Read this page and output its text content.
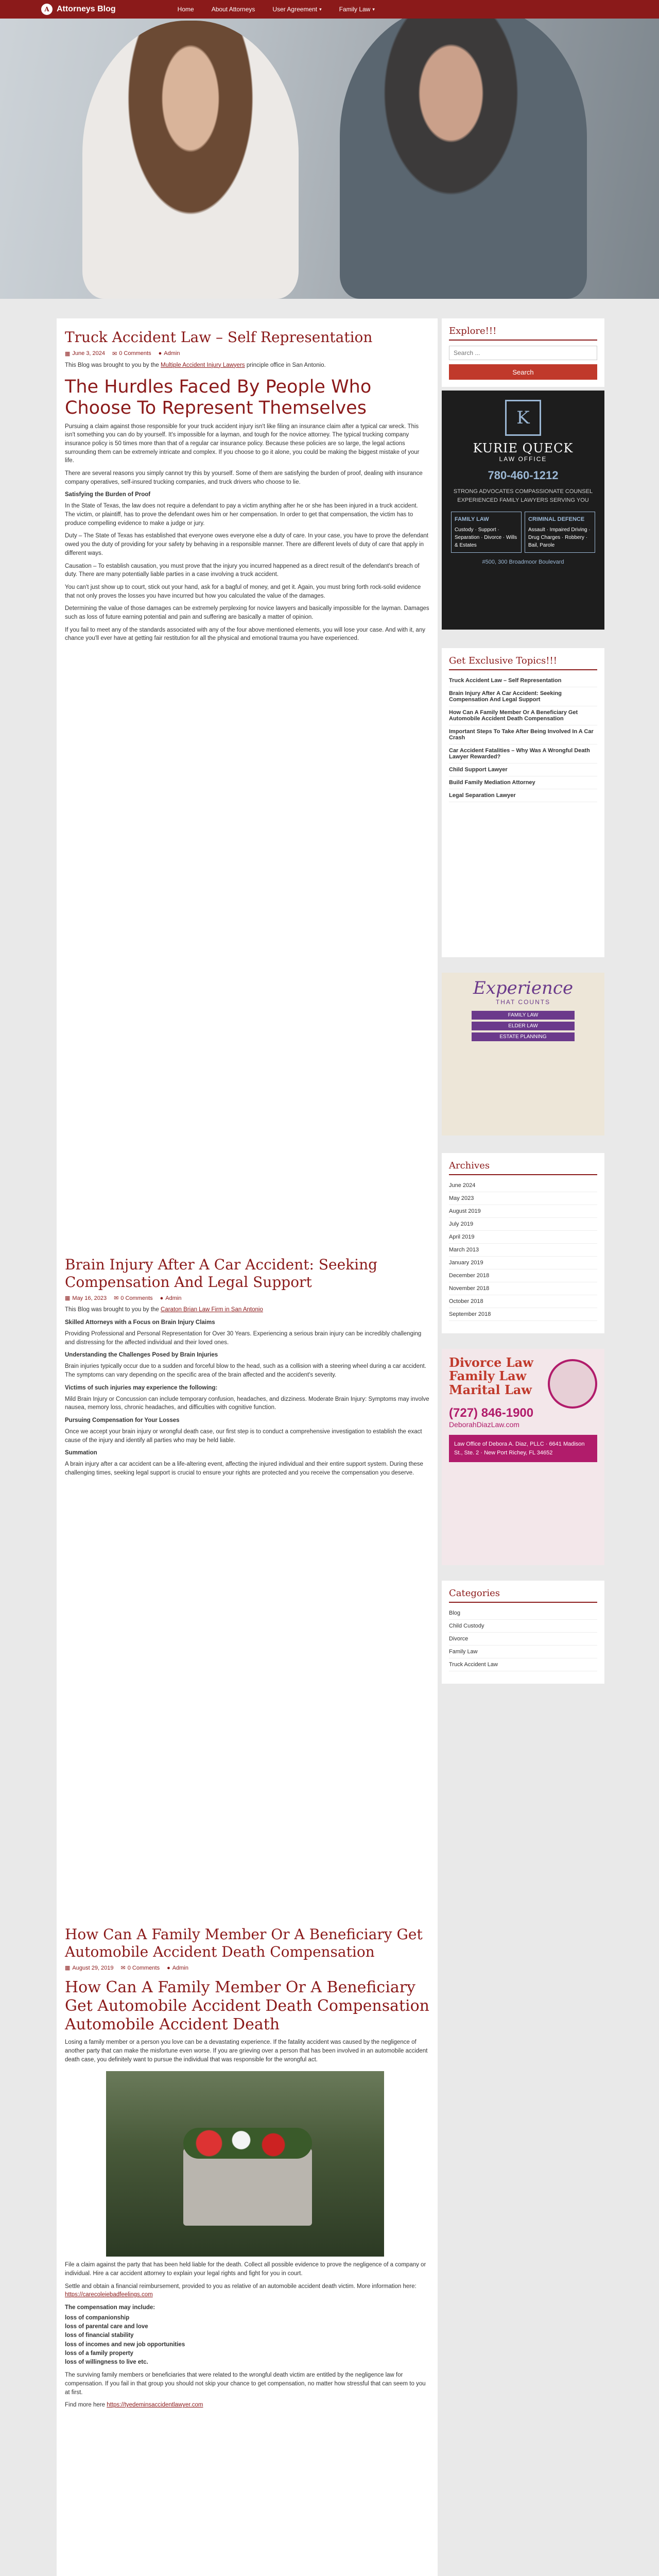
A Attorneys Blog	Home	About Attorneys	User Agreement ▾	Family Law ▾
Truck Accident Law – Self Representation
▦ June 3, 2024 ✉ 0 Comments ● Admin

This Blog was brought to you by the Multiple Accident Injury Lawyers principle office in San Antonio.

The Hurdles Faced By People Who Choose To Represent Themselves

Pursuing a claim against those responsible for your truck accident injury isn't like filing an insurance claim after a typical car wreck. This isn't something you can do by yourself. It's impossible for a layman, and tough for the novice attorney. The typical trucking company insurance policy is 50 times more than that of a regular car insurance policy. Because these policies are so large, the legal actions surrounding them can be extremely intricate and complex. If you choose to go it alone, you could be making the biggest mistake of your life.

There are several reasons you simply cannot try this by yourself. Some of them are satisfying the burden of proof, dealing with insurance company operatives, self-insured trucking companies, and truck drivers who choose to lie.

Satisfying the Burden of Proof

In the State of Texas, the law does not require a defendant to pay a victim anything after he or she has been injured in a truck accident. The victim, or plaintiff, has to prove the defendant owes him or her compensation. In order to get that compensation, the victim has to produce compelling evidence to make a judge or jury.

Duty – The State of Texas has established that everyone owes everyone else a duty of care. In your case, you have to prove the defendant owed you the duty of providing for your safety by behaving in a responsible manner. There are different levels of duty of care that apply in different ways.

Causation – To establish causation, you must prove that the injury you incurred happened as a direct result of the defendant's breach of duty. There are many potentially liable parties in a case involving a truck accident.

You can't just show up to court, stick out your hand, ask for a bagful of money, and get it. Again, you must bring forth rock-solid evidence that not only proves the losses you have incurred but how you calculated the value of the damages.

Determining the value of those damages can be extremely perplexing for novice lawyers and basically impossible for the layman. Damages such as loss of future earning potential and pain and suffering are basically a matter of opinion.

If you fail to meet any of the standards associated with any of the four above mentioned elements, you will lose your case. And with it, any chance you'll ever have at getting fair restitution for all the physical and emotional trauma you have experienced.

Brain Injury After A Car Accident: Seeking Compensation And Legal Support
▦ May 16, 2023 ✉ 0 Comments ● Admin

This Blog was brought to you by the Caraton Brian Law Firm in San Antonio

Skilled Attorneys with a Focus on Brain Injury Claims

Providing Professional and Personal Representation for Over 30 Years. Experiencing a serious brain injury can be incredibly challenging and distressing for the affected individual and their loved ones.

Understanding the Challenges Posed by Brain Injuries

Brain injuries typically occur due to a sudden and forceful blow to the head, such as a collision with a steering wheel during a car accident. The symptoms can vary depending on the specific area of the brain affected and the accident's severity.

Victims of such injuries may experience the following:

Mild Brain Injury or Concussion can include temporary confusion, headaches, and dizziness. Moderate Brain Injury: Symptoms may involve nausea, memory loss, chronic headaches, and difficulties with cognitive function.

Pursuing Compensation for Your Losses

Once we accept your brain injury or wrongful death case, our first step is to conduct a comprehensive investigation to establish the exact cause of the injury and identify all parties who may be held liable.

Summation

A brain injury after a car accident can be a life-altering event, affecting the injured individual and their entire support system. During these challenging times, seeking legal support is crucial to ensure your rights are protected and you receive the compensation you deserve.

How Can A Family Member Or A Beneficiary Get Automobile Accident Death Compensation
▦ August 29, 2019 ✉ 0 Comments ● Admin
How Can A Family Member Or A Beneficiary Get Automobile Accident Death Compensation Automobile Accident Death

Losing a family member or a person you love can be a devastating experience. If the fatality accident was caused by the negligence of another party that can make the misfortune even worse. If you are grieving over a person that has been involved in an automobile accident death case, you definitely want to pursue the individual that was responsible for the wrongful act.

File a claim against the party that has been held liable for the death. Collect all possible evidence to prove the negligence of a company or individual. Hire a car accident attorney to explain your legal rights and fight for you in court.

Settle and obtain a financial reimbursement, provided to you as relative of an automobile accident death victim. More information here: https://carecoleiebadfeelings.com

The compensation may include:
loss of companionship
loss of parental care and love
loss of financial stability
loss of incomes and new job opportunities
loss of a family property
loss of willingness to live etc.

The surviving family members or beneficiaries that were related to the wrongful death victim are entitled by the negligence law for compensation. If you fail in that group you should not skip your chance to get compensation, no matter how stressful that can seem to you at first.

Find more here https://tyedeminsaccidentlawyer.com

Explore!!!
Search ... Search
K
KURIE QUECK
LAW OFFICE
780-460-1212
STRONG ADVOCATES COMPASSIONATE COUNSEL EXPERIENCED FAMILY LAWYERS SERVING YOU
FAMILY LAW
Custody · Support · Separation · Divorce · Wills & Estates
CRIMINAL DEFENCE
Assault · Impaired Driving · Drug Charges · Robbery · Bail, Parole
#500, 300 Broadmoor Boulevard
Get Exclusive Topics!!!
Truck Accident Law – Self Representation
Brain Injury After A Car Accident: Seeking Compensation And Legal Support
How Can A Family Member Or A Beneficiary Get Automobile Accident Death Compensation
Important Steps To Take After Being Involved In A Car Crash
Car Accident Fatalities – Why Was A Wrongful Death Lawyer Rewarded?
Child Support Lawyer
Build Family Mediation Attorney
Legal Separation Lawyer
Experience
THAT COUNTS
FAMILY LAW
ELDER LAW
ESTATE PLANNING
Archives
June 2024
May 2023
August 2019
July 2019
April 2019
March 2013
January 2019
December 2018
November 2018
October 2018
September 2018
Divorce Law
Family Law
Marital Law
(727) 846-1900
DeborahDiazLaw.com
Law Office of Debora A. Diaz, PLLC · 6641 Madison St., Ste. 2 · New Port Richey, FL 34652
Categories
Blog
Child Custody
Divorce
Family Law
Truck Accident Law
